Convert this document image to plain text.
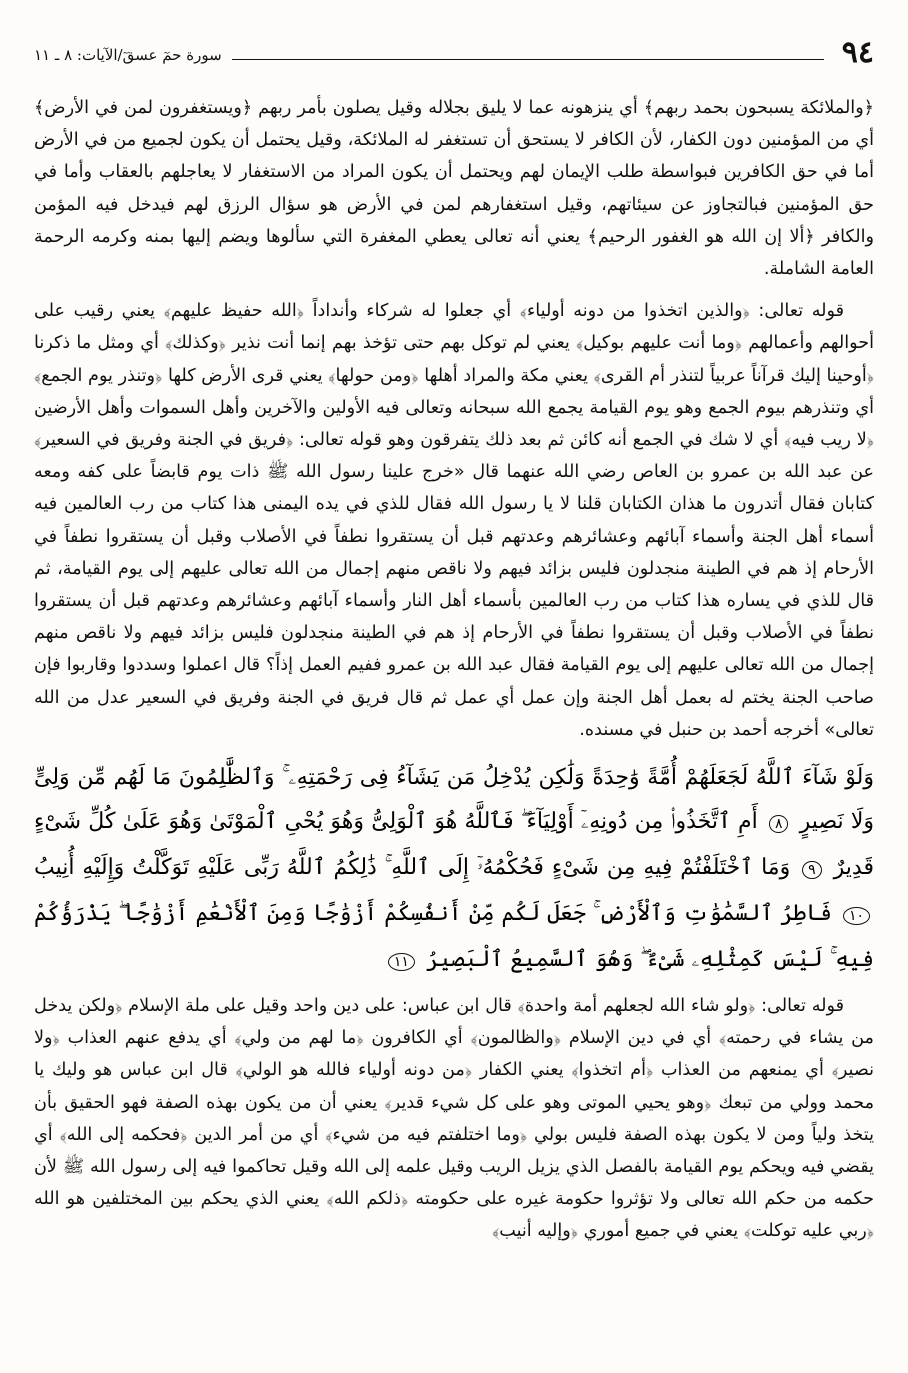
٩٤
سورة حمٓ عسقٓ/الآيات: ٨ ـ ١١

﴿والملائكة يسبحون بحمد ربهم﴾ أي ينزهونه عما لا يليق بجلاله وقيل يصلون بأمر ربهم ﴿ويستغفرون لمن في الأرض﴾ أي من المؤمنين دون الكفار، لأن الكافر لا يستحق أن تستغفر له الملائكة، وقيل يحتمل أن يكون لجميع من في الأرض أما في حق الكافرين فبواسطة طلب الإيمان لهم ويحتمل أن يكون المراد من الاستغفار لا يعاجلهم بالعقاب وأما في حق المؤمنين فبالتجاوز عن سيئاتهم، وقيل استغفارهم لمن في الأرض هو سؤال الرزق لهم فيدخل فيه المؤمن والكافر ﴿ألا إن الله هو الغفور الرحيم﴾ يعني أنه تعالى يعطي المغفرة التي سألوها ويضم إليها بمنه وكرمه الرحمة العامة الشاملة.

قوله تعالى: ﴿والذين اتخذوا من دونه أولياء﴾ أي جعلوا له شركاء وأنداداً ﴿الله حفيظ عليهم﴾ يعني رقيب على أحوالهم وأعمالهم ﴿وما أنت عليهم بوكيل﴾ يعني لم توكل بهم حتى تؤخذ بهم إنما أنت نذير ﴿وكذلك﴾ أي ومثل ما ذكرنا ﴿أوحينا إليك قرآناً عربياً لتنذر أم القرى﴾ يعني مكة والمراد أهلها ﴿ومن حولها﴾ يعني قرى الأرض كلها ﴿وتنذر يوم الجمع﴾ أي وتنذرهم بيوم الجمع وهو يوم القيامة يجمع الله سبحانه وتعالى فيه الأولين والآخرين وأهل السموات وأهل الأرضين ﴿لا ريب فيه﴾ أي لا شك في الجمع أنه كائن ثم بعد ذلك يتفرقون وهو قوله تعالى: ﴿فريق في الجنة وفريق في السعير﴾ عن عبد الله بن عمرو بن العاص رضي الله عنهما قال «خرج علينا رسول الله ﷺ ذات يوم قابضاً على كفه ومعه كتابان فقال أتدرون ما هذان الكتابان قلنا لا يا رسول الله فقال للذي في يده اليمنى هذا كتاب من رب العالمين فيه أسماء أهل الجنة وأسماء آبائهم وعشائرهم وعدتهم قبل أن يستقروا نطفاً في الأصلاب وقبل أن يستقروا نطفاً في الأرحام إذ هم في الطينة منجدلون فليس بزائد فيهم ولا ناقص منهم إجمال من الله تعالى عليهم إلى يوم القيامة، ثم قال للذي في يساره هذا كتاب من رب العالمين بأسماء أهل النار وأسماء آبائهم وعشائرهم وعدتهم قبل أن يستقروا نطفاً في الأصلاب وقبل أن يستقروا نطفاً في الأرحام إذ هم في الطينة منجدلون فليس بزائد فيهم ولا ناقص منهم إجمال من الله تعالى عليهم إلى يوم القيامة فقال عبد الله بن عمرو ففيم العمل إذاً؟ قال اعملوا وسددوا وقاربوا فإن صاحب الجنة يختم له بعمل أهل الجنة وإن عمل أي عمل ثم قال فريق في الجنة وفريق في السعير عدل من الله تعالى» أخرجه أحمد بن حنبل في مسنده.

وَلَوْ شَآءَ ٱللَّهُ لَجَعَلَهُمْ أُمَّةً وَٰحِدَةً وَلَٰكِن يُدْخِلُ مَن يَشَآءُ فِى رَحْمَتِهِۦ ۚ وَٱلظَّٰلِمُونَ مَا لَهُم مِّن وَلِىٍّ وَلَا نَصِيرٍ ٨ أَمِ ٱتَّخَذُوا۟ مِن دُونِهِۦٓ أَوْلِيَآءَ ۖ فَٱللَّهُ هُوَ ٱلْوَلِىُّ وَهُوَ يُحْىِ ٱلْمَوْتَىٰ وَهُوَ عَلَىٰ كُلِّ شَىْءٍ قَدِيرٌ ٩ وَمَا ٱخْتَلَفْتُمْ فِيهِ مِن شَىْءٍ فَحُكْمُهُۥٓ إِلَى ٱللَّهِ ۚ ذَٰلِكُمُ ٱللَّهُ رَبِّى عَلَيْهِ تَوَكَّلْتُ وَإِلَيْهِ أُنِيبُ ١٠ فَاطِرُ ٱلسَّمَٰوَٰتِ وَٱلْأَرْضِ ۚ جَعَلَ لَكُم مِّنْ أَنفُسِكُمْ أَزْوَٰجًا وَمِنَ ٱلْأَنْعَٰمِ أَزْوَٰجًا ۖ يَذْرَؤُكُمْ فِيهِ ۚ لَيْسَ كَمِثْلِهِۦ شَىْءٌ ۖ وَهُوَ ٱلسَّمِيعُ ٱلْبَصِيرُ ١١

قوله تعالى: ﴿ولو شاء الله لجعلهم أمة واحدة﴾ قال ابن عباس: على دين واحد وقيل على ملة الإسلام ﴿ولكن يدخل من يشاء في رحمته﴾ أي في دين الإسلام ﴿والظالمون﴾ أي الكافرون ﴿ما لهم من ولي﴾ أي يدفع عنهم العذاب ﴿ولا نصير﴾ أي يمنعهم من العذاب ﴿أم اتخذوا﴾ يعني الكفار ﴿من دونه أولياء فالله هو الولي﴾ قال ابن عباس هو وليك يا محمد وولي من تبعك ﴿وهو يحيي الموتى وهو على كل شيء قدير﴾ يعني أن من يكون بهذه الصفة فهو الحقيق بأن يتخذ ولياً ومن لا يكون بهذه الصفة فليس بولي ﴿وما اختلفتم فيه من شيء﴾ أي من أمر الدين ﴿فحكمه إلى الله﴾ أي يقضي فيه ويحكم يوم القيامة بالفصل الذي يزيل الريب وقيل علمه إلى الله وقيل تحاكموا فيه إلى رسول الله ﷺ لأن حكمه من حكم الله تعالى ولا تؤثروا حكومة غيره على حكومته ﴿ذلكم الله﴾ يعني الذي يحكم بين المختلفين هو الله ﴿ربي عليه توكلت﴾ يعني في جميع أموري ﴿وإليه أنيب﴾
